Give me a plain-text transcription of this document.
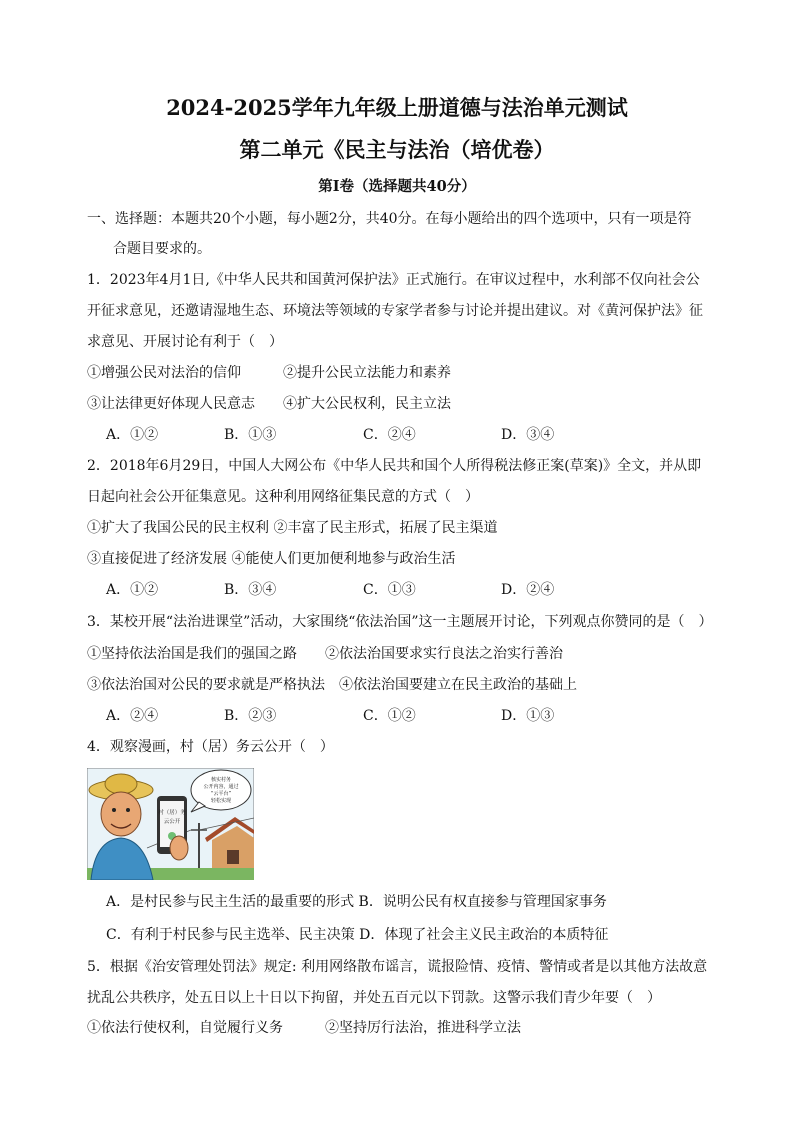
2024-2025学年九年级上册道德与法治单元测试
第二单元《民主与法治（培优卷）
第Ⅰ卷（选择题共40分）
一、选择题：本题共20个小题，每小题2分，共40分。在每小题给出的四个选项中，只有一项是符
合题目要求的。
1．2023年4月1日,《中华人民共和国黄河保护法》正式施行。在审议过程中，水利部不仅向社会公
开征求意见，还邀请湿地生态、环境法等领域的专家学者参与讨论并提出建议。对《黄河保护法》征
求意见、开展讨论有利于（　）
①增强公民对法治的信仰　　　②提升公民立法能力和素养
③让法律更好体现人民意志　　④扩大公民权利，民主立法
A．①②	B．①③	C．②④	D．③④
2．2018年6月29日，中国人大网公布《中华人民共和国个人所得税法修正案(草案)》全文，并从即
日起向社会公开征集意见。这种利用网络征集民意的方式（　）
①扩大了我国公民的民主权利 ②丰富了民主形式，拓展了民主渠道
③直接促进了经济发展 ④能使人们更加便利地参与政治生活
A．①②	B．③④	C．①③	D．②④
3．某校开展“法治进课堂”活动，大家围绕“依法治国”这一主题展开讨论，下列观点你赞同的是（　）
①坚持依法治国是我们的强国之路　　②依法治国要求实行良法之治实行善治
③依法治国对公民的要求就是严格执法　④依法治国要建立在民主政治的基础上
A．②④	B．②③	C．①②	D．①③
4．观察漫画，村（居）务云公开（　）
村（居）务
云公开
核实村务
公开内容，通过
“云平台”
轻松实现
A．是村民参与民主生活的最重要的形式 B．说明公民有权直接参与管理国家事务
C．有利于村民参与民主选举、民主决策 D．体现了社会主义民主政治的本质特征
5．根据《治安管理处罚法》规定: 利用网络散布谣言，谎报险情、疫情、警情或者是以其他方法故意
扰乱公共秩序，处五日以上十日以下拘留，并处五百元以下罚款。这警示我们青少年要（　）
①依法行使权利，自觉履行义务　　　②坚持厉行法治，推进科学立法
